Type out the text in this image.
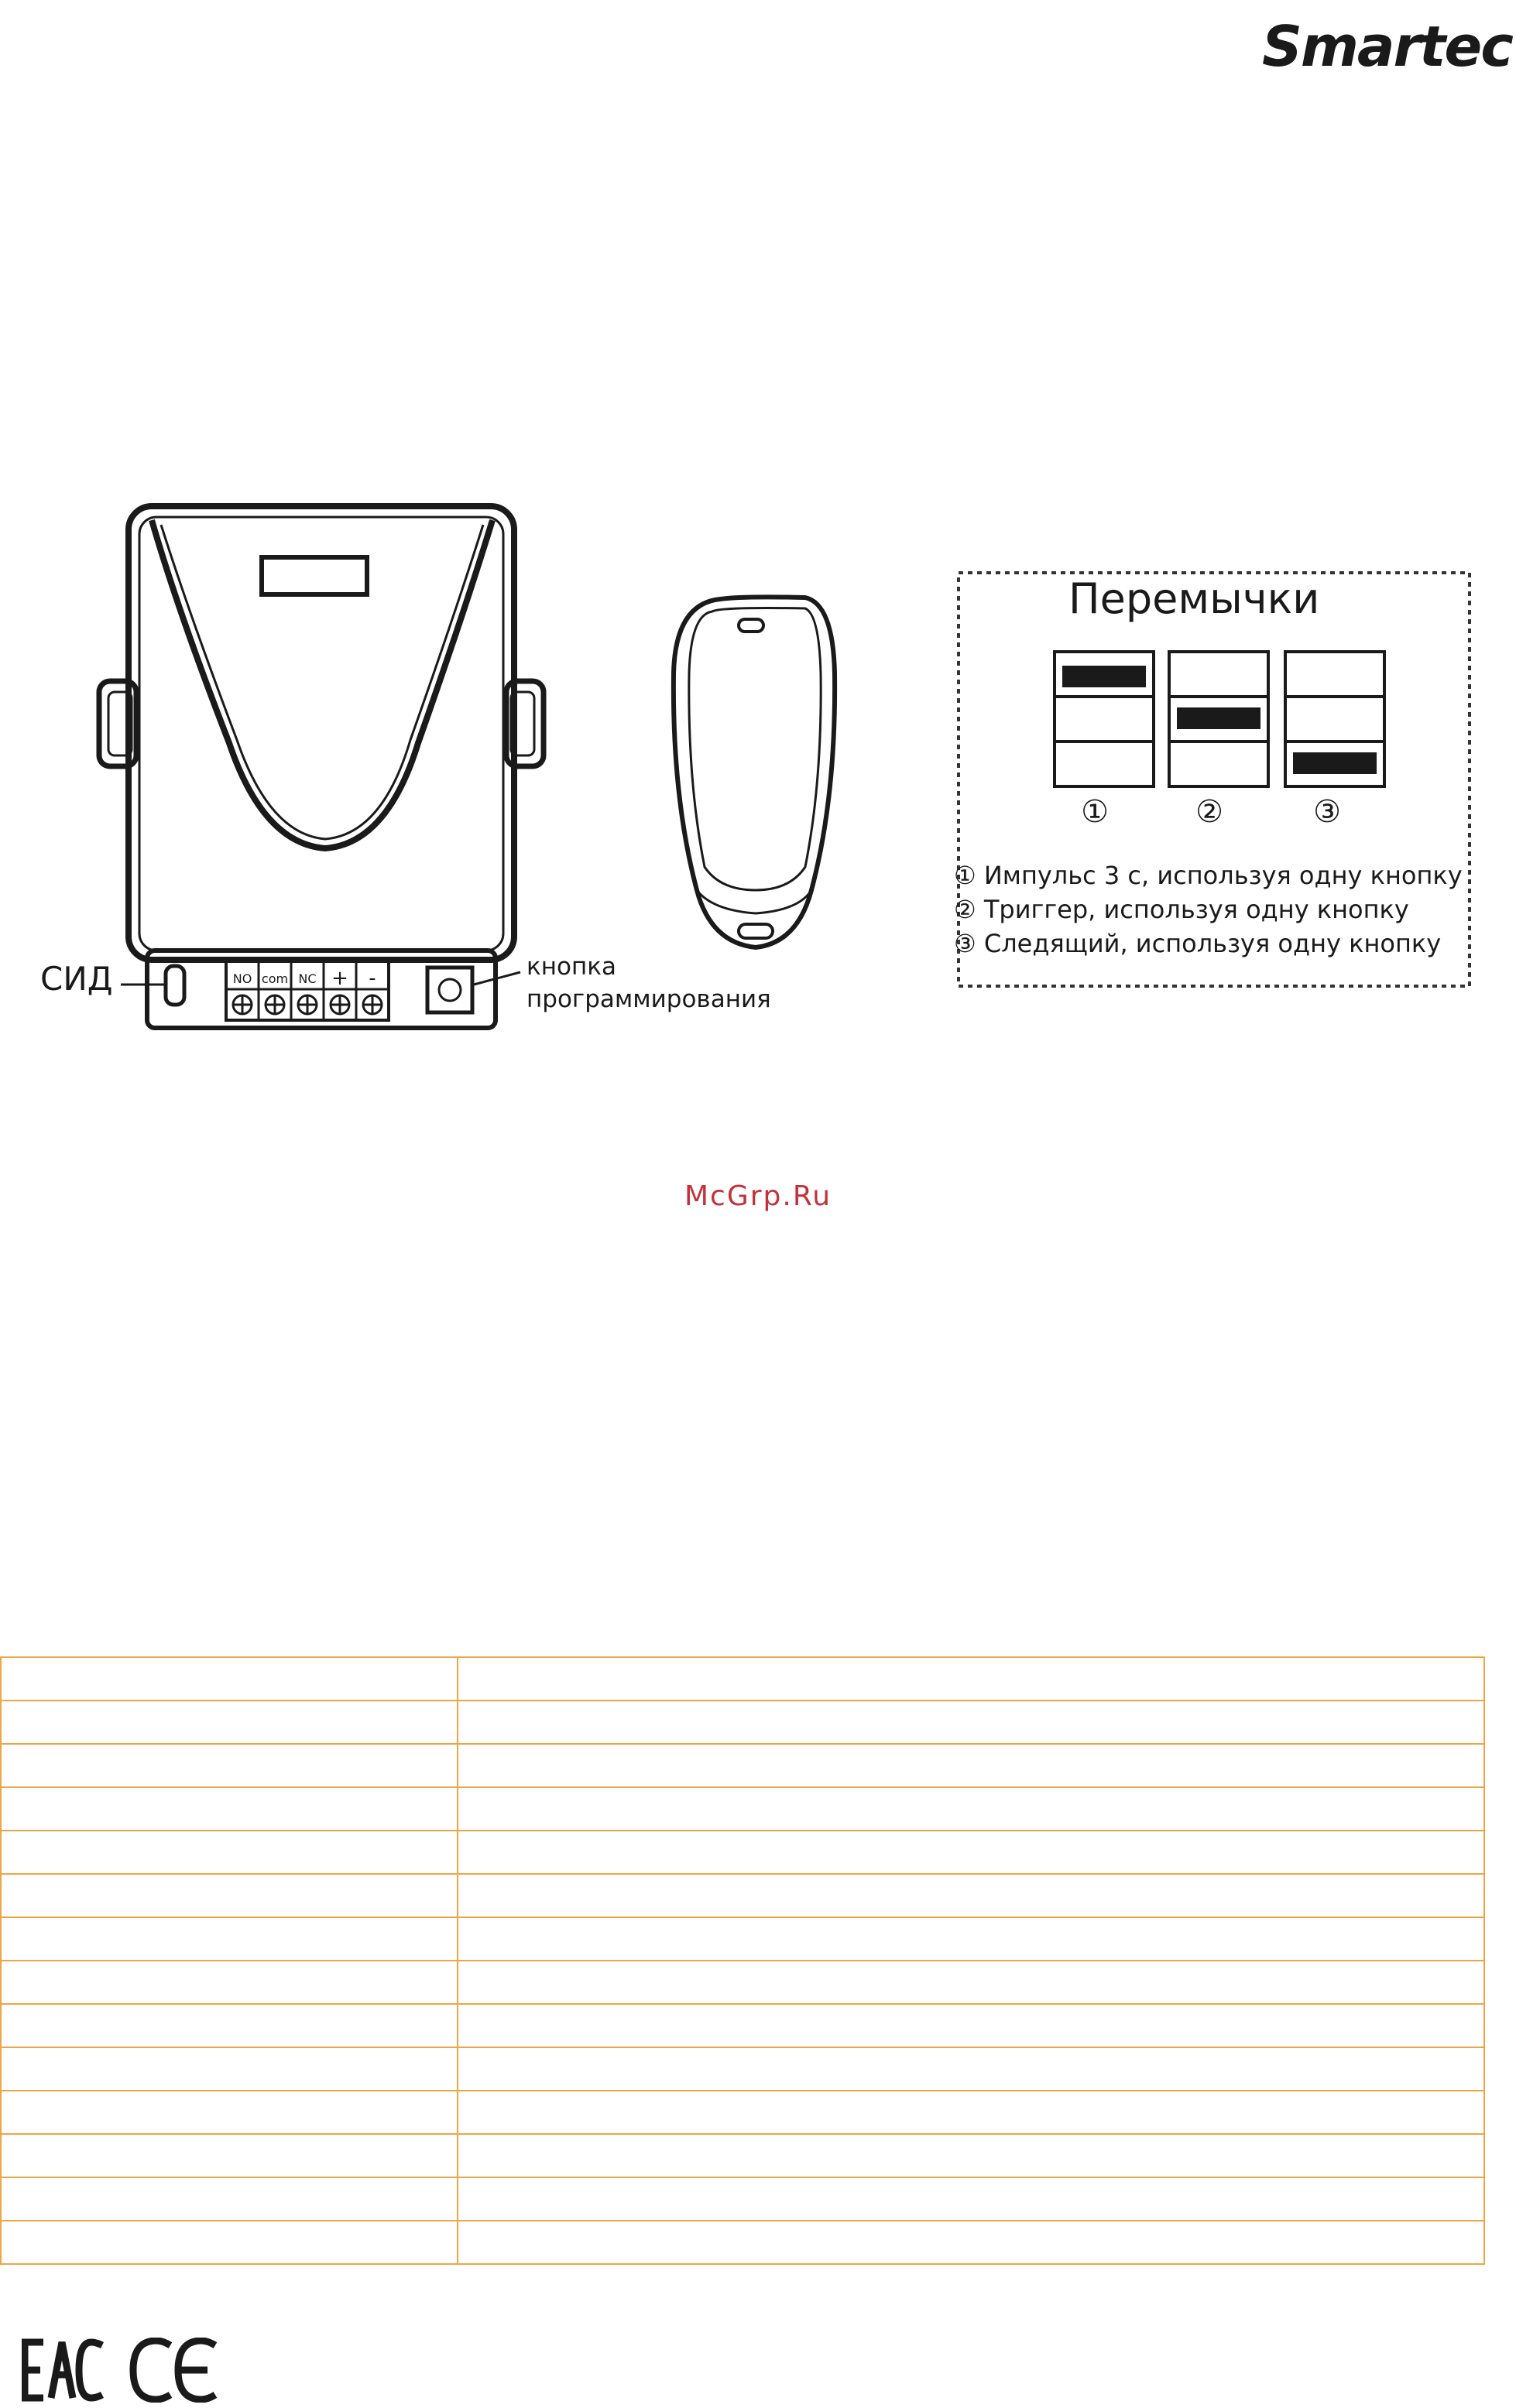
Smartec
NO com NC + -
①	②	③
СИД	кнопка
программирования
Перемычки
① Импульс 3 с, используя одну кнопку
② Триггер, используя одну кнопку
③ Следящий, используя одну кнопку
McGrp.Ru
